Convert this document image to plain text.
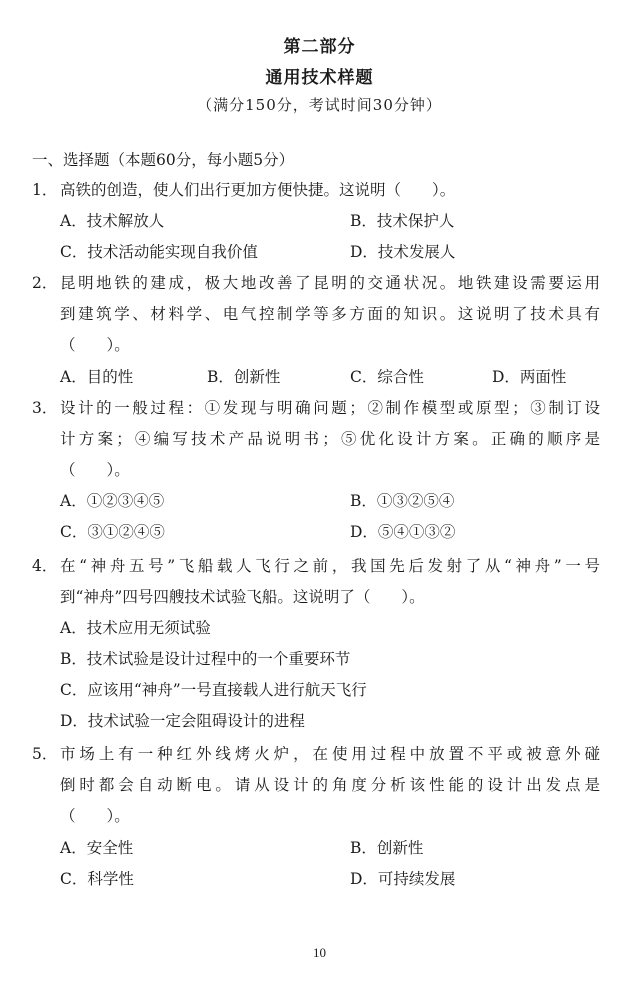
第二部分
通用技术样题
（满分150分，考试时间30分钟）
一、选择题（本题60分，每小题5分）
1． 高铁的创造，使人们出行更加方便快捷。这说明（　　）。
A．技术解放人	B．技术保护人
C．技术活动能实现自我价值	D．技术发展人
2． 昆明地铁的建成，极大地改善了昆明的交通状况。地铁建设需要运用
到建筑学、材料学、电气控制学等多方面的知识。这说明了技术具有
（　　）。
A．目的性	B．创新性	C．综合性	D．两面性
3． 设计的一般过程：①发现与明确问题；②制作模型或原型；③制订设
计方案；④编写技术产品说明书；⑤优化设计方案。正确的顺序是
（　　）。
A．①②③④⑤	B．①③②⑤④
C．③①②④⑤	D．⑤④①③②
4． 在“神舟五号”飞船载人飞行之前，我国先后发射了从“神舟”一号
到“神舟”四号四艘技术试验飞船。这说明了（　　）。
A．技术应用无须试验
B．技术试验是设计过程中的一个重要环节
C．应该用“神舟”一号直接载人进行航天飞行
D．技术试验一定会阻碍设计的进程
5． 市场上有一种红外线烤火炉，在使用过程中放置不平或被意外碰
倒时都会自动断电。请从设计的角度分析该性能的设计出发点是
（　　）。
A．安全性	B．创新性
C．科学性	D．可持续发展
10
